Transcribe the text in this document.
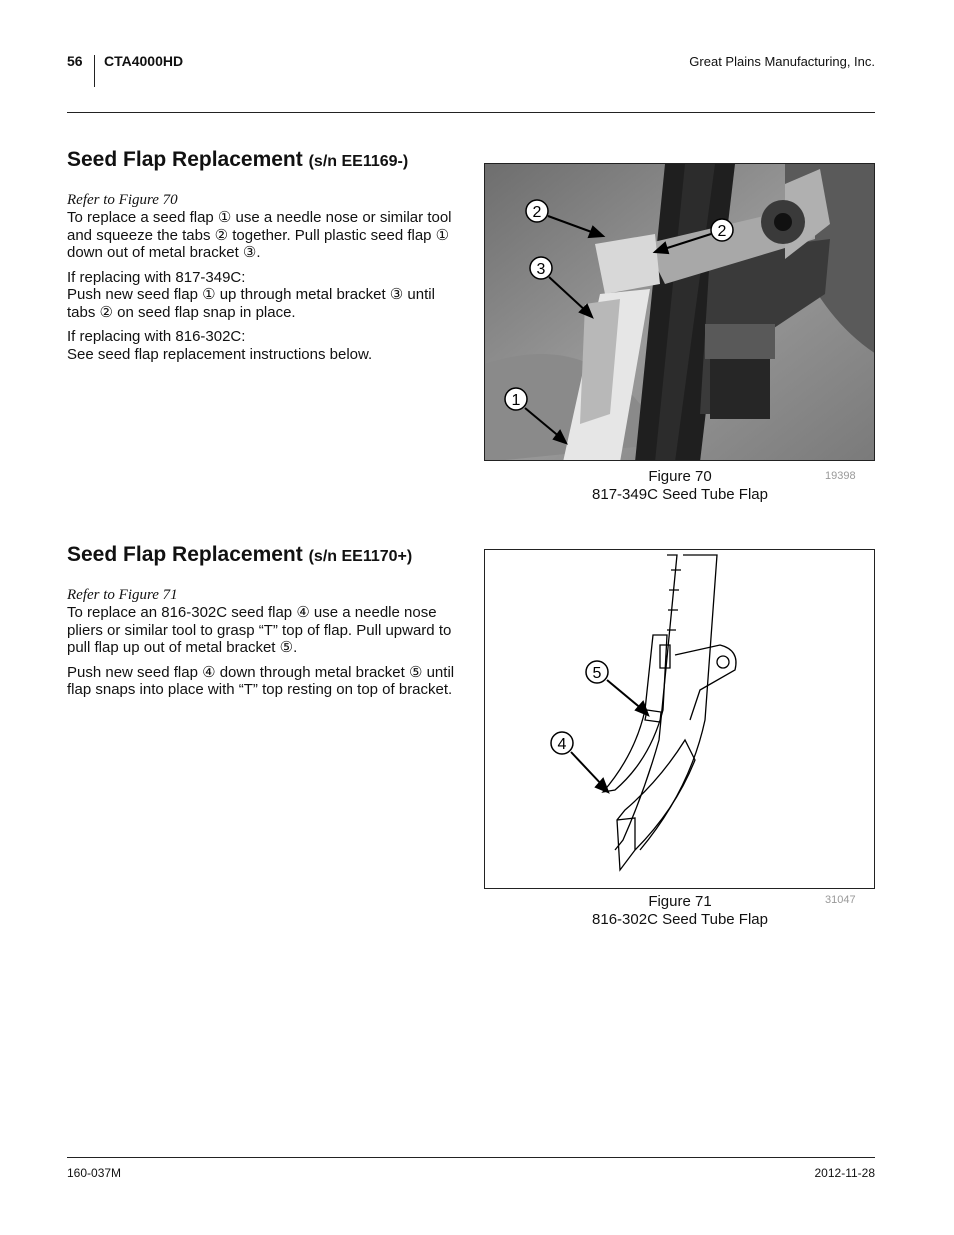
56 CTA4000HD	Great Plains Manufacturing, Inc.
Seed Flap Replacement (s/n EE1169-)
Refer to Figure 70

To replace a seed flap ① use a needle nose or similar tool and squeeze the tabs ② together. Pull plastic seed flap ① down out of metal bracket ③.

If replacing with 817-349C:

Push new seed flap ① up through metal bracket ③ until tabs ② on seed flap snap in place.

If replacing with 816-302C:

See seed flap replacement instructions below.

2
2
3
1
Figure 70
817-349C Seed Tube Flap
19398
Seed Flap Replacement (s/n EE1170+)
Refer to Figure 71

To replace an 816-302C seed flap ④ use a needle nose pliers or similar tool to grasp “T” top of flap. Pull upward to pull flap up out of metal bracket ⑤.

Push new seed flap ④ down through metal bracket ⑤ until flap snaps into place with “T” top resting on top of bracket.

5
4
Figure 71
816-302C Seed Tube Flap
31047
160-037M	2012-11-28
